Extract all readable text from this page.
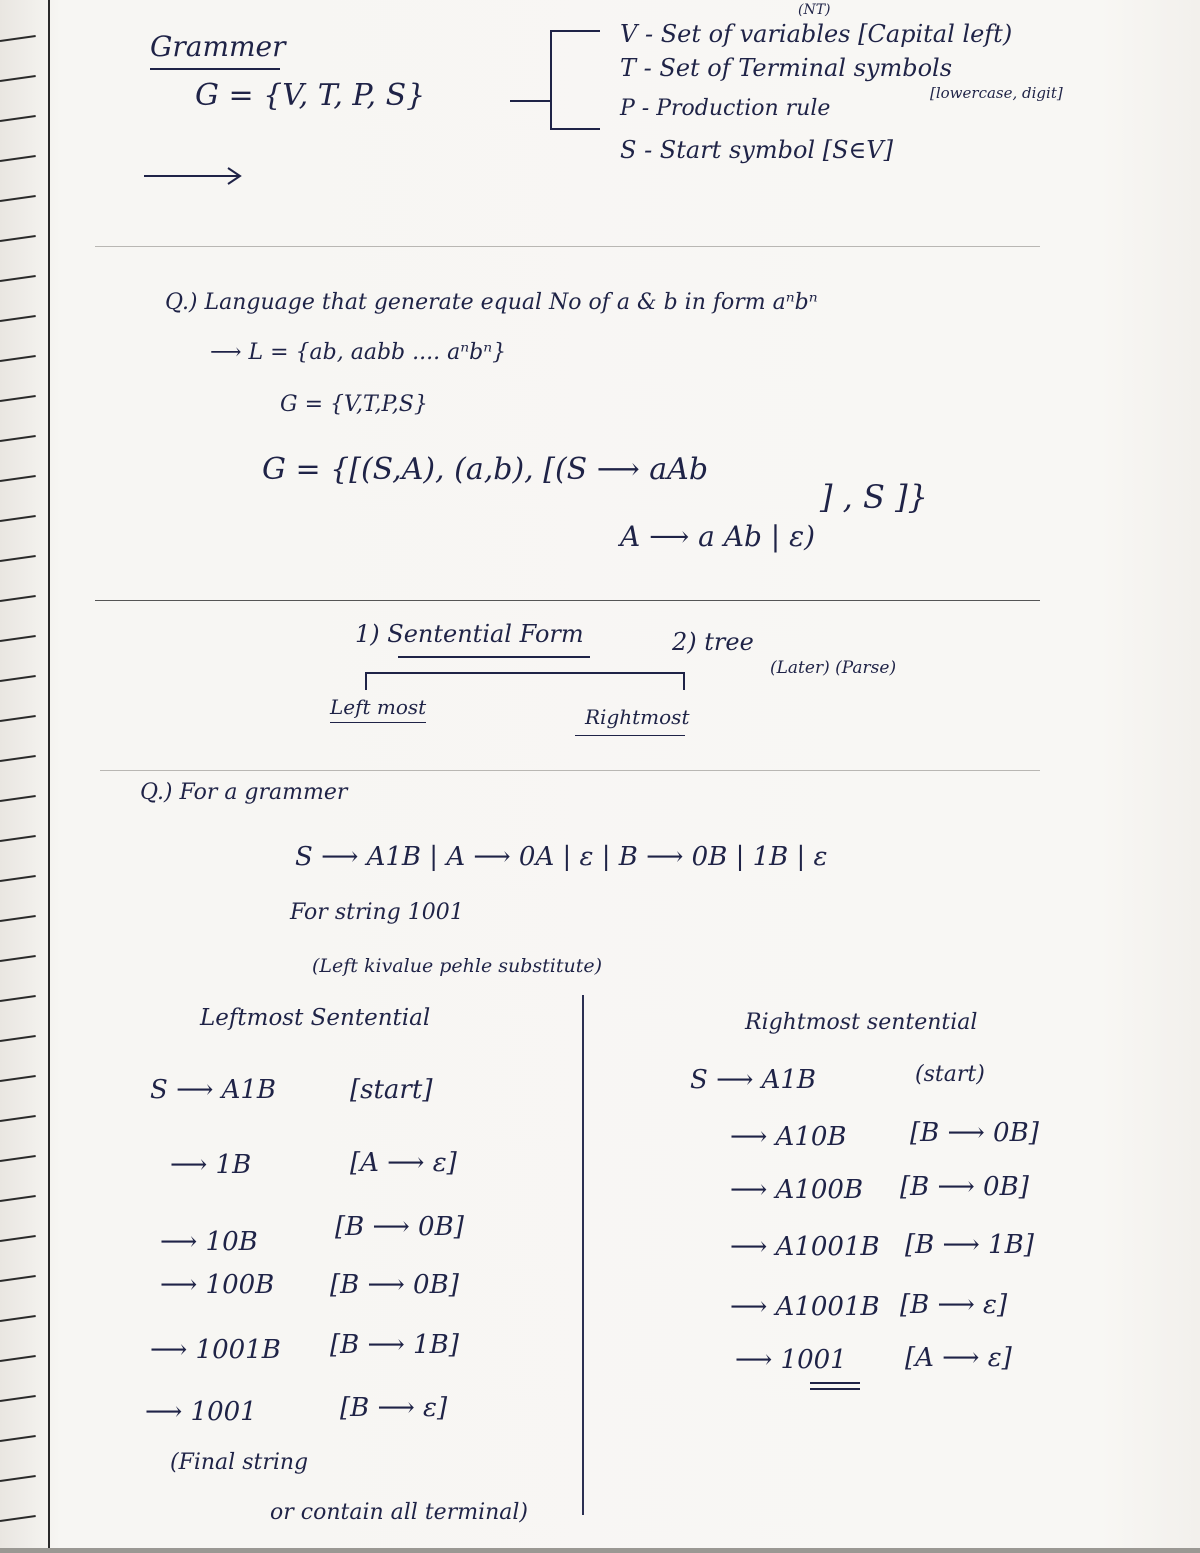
Grammer
G = {V, T, P, S}
(NT)
V - Set of variables [Capital left)
T - Set of Terminal symbols
[lowercase, digit]
P - Production rule
S - Start symbol [S∈V]
Q.) Language that generate equal No of a & b in form aⁿbⁿ
⟶ L = {ab, aabb .... aⁿbⁿ}
G = {V,T,P,S}
G = {[(S,A), (a,b), [(S ⟶ aAb
A ⟶ a Ab | ε)
] , S ]}
1) Sentential Form
Left most	Rightmost
2) tree
(Later) (Parse)
Q.) For a grammer
S ⟶ A1B | A ⟶ 0A | ε | B ⟶ 0B | 1B | ε
For string 1001
(Left kivalue pehle substitute)
Leftmost Sentential	Rightmost sentential
S ⟶ A1B	[start]
⟶ 1B	[A ⟶ ε]
⟶ 10B	[B ⟶ 0B]
⟶ 100B [B ⟶ 0B]
⟶ 1001B [B ⟶ 1B]
⟶ 1001	[B ⟶ ε]
S ⟶ A1B	(start)
⟶ A10B [B ⟶ 0B]
⟶ A100B [B ⟶ 0B]
⟶ A1001B [B ⟶ 1B]
⟶ A1001B [B ⟶ ε]
⟶ 1001 [A ⟶ ε]
(Final string
or contain all terminal)
